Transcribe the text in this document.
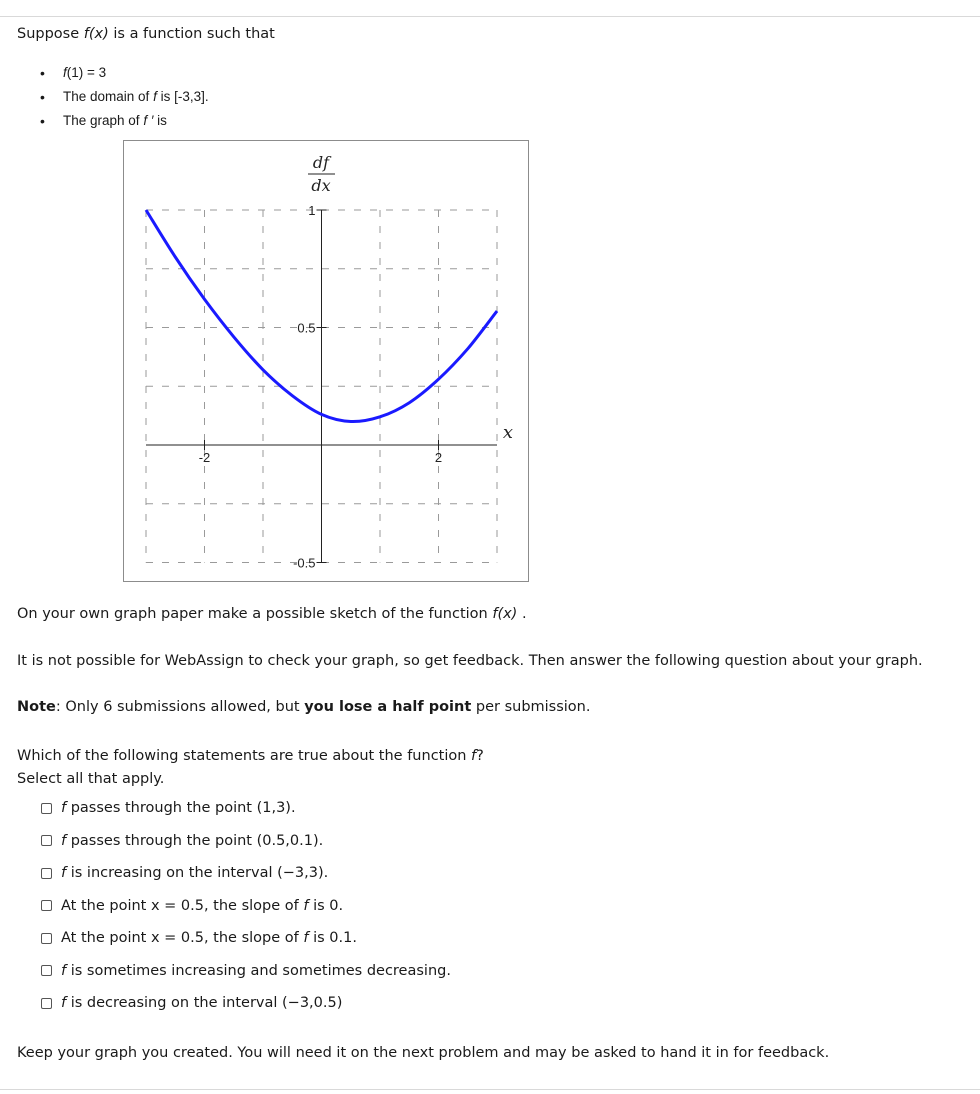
Suppose f(x) is a function such that
• f(1) = 3
• The domain of f is [-3,3].
• The graph of f ′ is
-2	2
1
0.5
-0.5
df
dx
x
On your own graph paper make a possible sketch of the function f(x) .
It is not possible for WebAssign to check your graph, so get feedback. Then answer the following question about your graph.
Note: Only 6 submissions allowed, but you lose a half point per submission.
Which of the following statements are true about the function f?
Select all that apply.
f passes through the point (1,3).
f passes through the point (0.5,0.1).
f is increasing on the interval (−3,3).
At the point x = 0.5, the slope of f is 0.
At the point x = 0.5, the slope of f is 0.1.
f is sometimes increasing and sometimes decreasing.
f is decreasing on the interval (−3,0.5)
Keep your graph you created. You will need it on the next problem and may be asked to hand it in for feedback.
